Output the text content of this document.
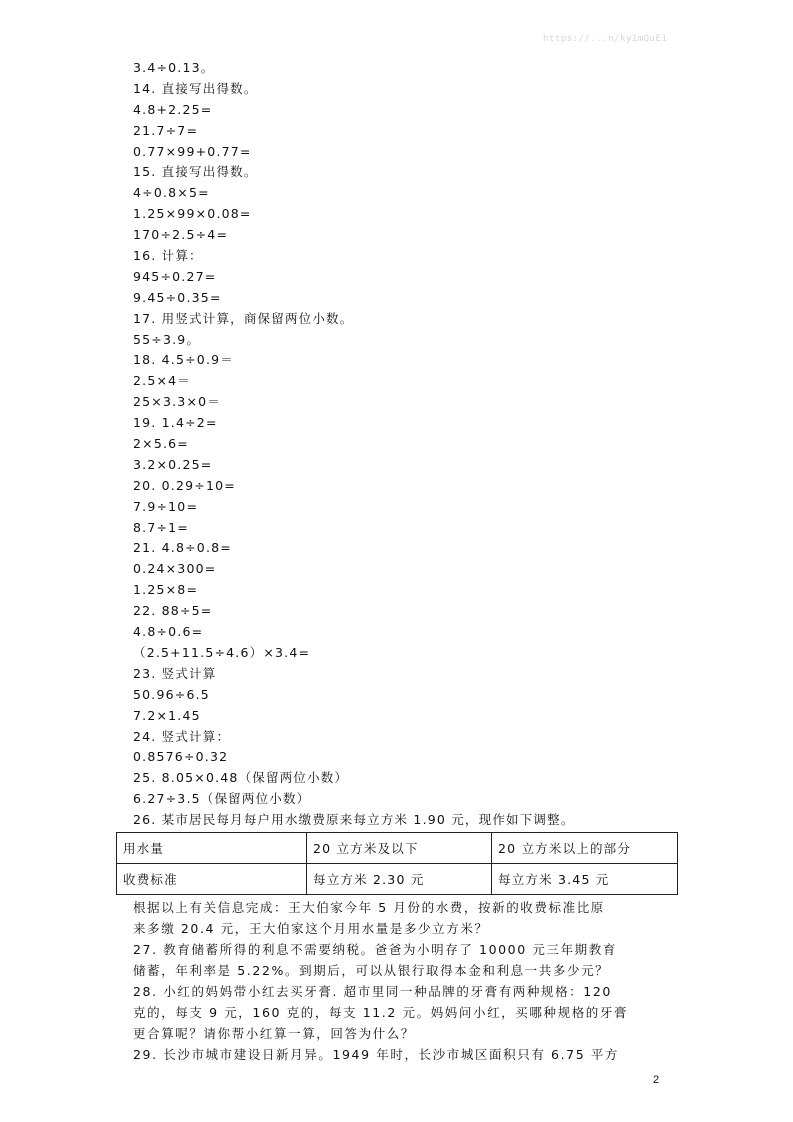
https://...n/ky1mQuE1
3.4÷0.13。
14. 直接写出得数。
4.8+2.25=
21.7÷7=
0.77×99+0.77=
15. 直接写出得数。
4÷0.8×5=
1.25×99×0.08=
170÷2.5÷4=
16. 计算：
945÷0.27=
9.45÷0.35=
17. 用竖式计算，商保留两位小数。
55÷3.9。
18. 4.5÷0.9＝
2.5×4＝
25×3.3×0＝
19. 1.4÷2=
2×5.6=
3.2×0.25=
20. 0.29÷10=
7.9÷10=
8.7÷1=
21. 4.8÷0.8=
0.24×300=
1.25×8=
22. 88÷5=
4.8÷0.6=
（2.5+11.5÷4.6）×3.4=
23. 竖式计算
50.96÷6.5
7.2×1.45
24. 竖式计算：
0.8576÷0.32
25. 8.05×0.48（保留两位小数）
6.27÷3.5（保留两位小数）
26. 某市居民每月每户用水缴费原来每立方米 1.90 元，现作如下调整。
用水量	20 立方米及以下	20 立方米以上的部分
收费标准	每立方米 2.30 元	每立方米 3.45 元
根据以上有关信息完成：王大伯家今年 5 月份的水费，按新的收费标准比原
来多缴 20.4 元，王大伯家这个月用水量是多少立方米？
27. 教育储蓄所得的利息不需要纳税。爸爸为小明存了 10000 元三年期教育
储蓄，年利率是 5.22%。到期后，可以从银行取得本金和利息一共多少元？
28. 小红的妈妈带小红去买牙膏. 超市里同一种品牌的牙膏有两种规格：120
克的，每支 9 元，160 克的，每支 11.2 元。妈妈问小红，买哪种规格的牙膏
更合算呢？请你帮小红算一算，回答为什么？
29. 长沙市城市建设日新月异。1949 年时，长沙市城区面积只有 6.75 平方
2
